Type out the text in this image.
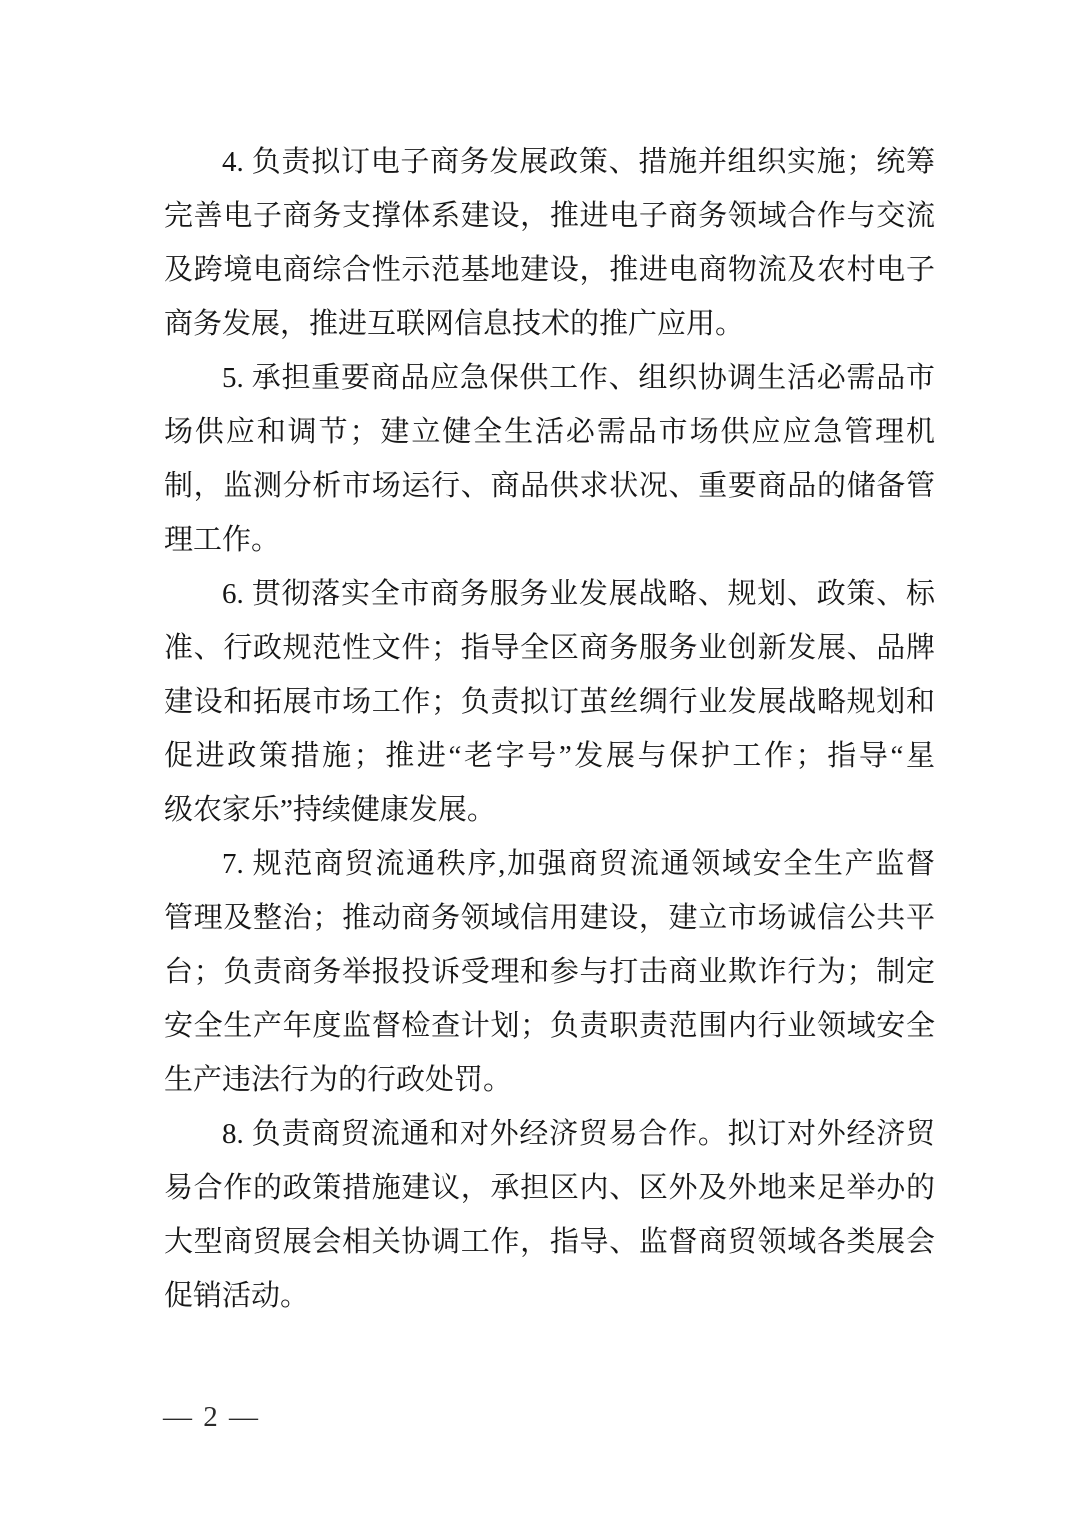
4. 负责拟订电子商务发展政策、措施并组织实施；统筹
完善电子商务支撑体系建设，推进电子商务领域合作与交流
及跨境电商综合性示范基地建设，推进电商物流及农村电子
商务发展，推进互联网信息技术的推广应用。
5. 承担重要商品应急保供工作、组织协调生活必需品市
场供应和调节；建立健全生活必需品市场供应应急管理机
制，监测分析市场运行、商品供求状况、重要商品的储备管
理工作。
6. 贯彻落实全市商务服务业发展战略、规划、政策、标
准、行政规范性文件；指导全区商务服务业创新发展、品牌
建设和拓展市场工作；负责拟订茧丝绸行业发展战略规划和
促进政策措施；推进“老字号”发展与保护工作；指导“星
级农家乐”持续健康发展。
7. 规范商贸流通秩序,加强商贸流通领域安全生产监督
管理及整治；推动商务领域信用建设，建立市场诚信公共平
台；负责商务举报投诉受理和参与打击商业欺诈行为；制定
安全生产年度监督检查计划；负责职责范围内行业领域安全
生产违法行为的行政处罚。
8. 负责商贸流通和对外经济贸易合作。拟订对外经济贸
易合作的政策措施建议，承担区内、区外及外地来足举办的
大型商贸展会相关协调工作，指导、监督商贸领域各类展会
促销活动。
— 2 —
